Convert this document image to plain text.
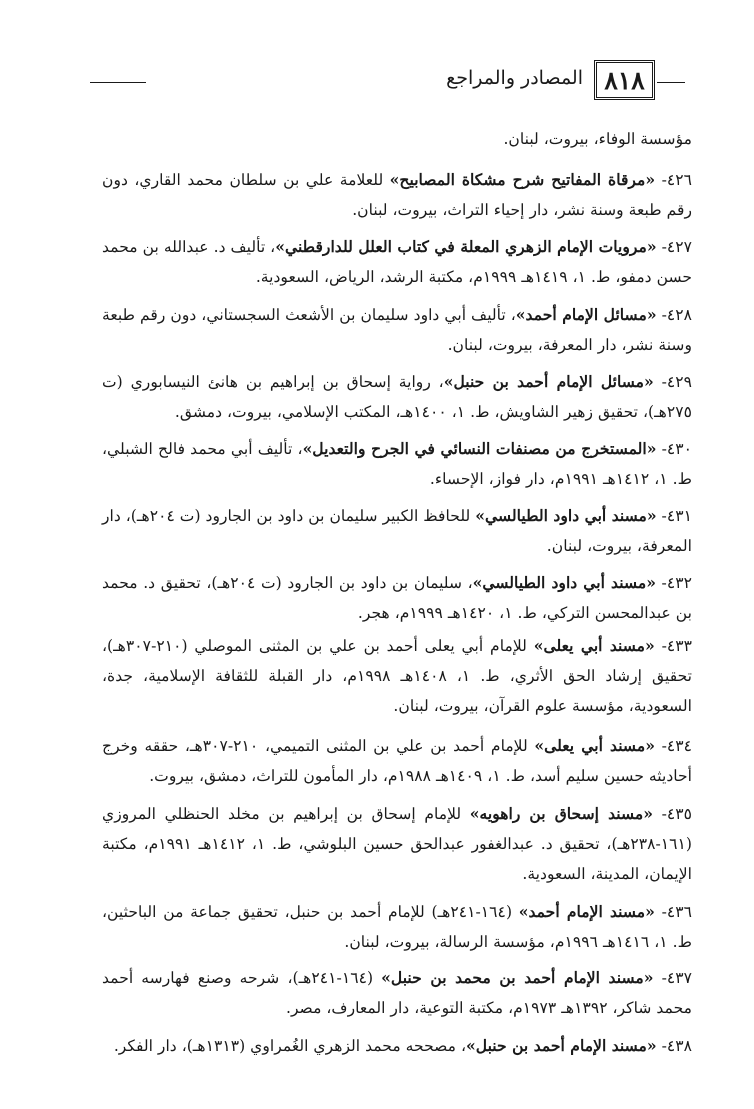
٨١٨
المصادر والمراجع
مؤسسة الوفاء، بيروت، لبنان.
٤٢٦- «مرقاة المفاتيح شرح مشكاة المصابيح» للعلامة علي بن سلطان محمد القاري، دون رقم طبعة وسنة نشر، دار إحياء التراث، بيروت، لبنان.
٤٢٧- «مرويات الإمام الزهري المعلة في كتاب العلل للدارقطني»، تأليف د. عبدالله بن محمد حسن دمفو، ط. ١، ١٤١٩هـ ١٩٩٩م، مكتبة الرشد، الرياض، السعودية.
٤٢٨- «مسائل الإمام أحمد»، تأليف أبي داود سليمان بن الأشعث السجستاني، دون رقم طبعة وسنة نشر، دار المعرفة، بيروت، لبنان.
٤٢٩- «مسائل الإمام أحمد بن حنبل»، رواية إسحاق بن إبراهيم بن هانئ النيسابوري (ت ٢٧٥هـ)، تحقيق زهير الشاويش، ط. ١، ١٤٠٠هـ، المكتب الإسلامي، بيروت، دمشق.
٤٣٠- «المستخرج من مصنفات النسائي في الجرح والتعديل»، تأليف أبي محمد فالح الشبلي، ط. ١، ١٤١٢هـ ١٩٩١م، دار فواز، الإحساء.
٤٣١- «مسند أبي داود الطيالسي» للحافظ الكبير سليمان بن داود بن الجارود (ت ٢٠٤هـ)، دار المعرفة، بيروت، لبنان.
٤٣٢- «مسند أبي داود الطيالسي»، سليمان بن داود بن الجارود (ت ٢٠٤هـ)، تحقيق د. محمد بن عبدالمحسن التركي، ط. ١، ١٤٢٠هـ ١٩٩٩م، هجر.
٤٣٣- «مسند أبي يعلى» للإمام أبي يعلى أحمد بن علي بن المثنى الموصلي (٢١٠-٣٠٧هـ)، تحقيق إرشاد الحق الأثري، ط. ١، ١٤٠٨هـ ١٩٩٨م، دار القبلة للثقافة الإسلامية، جدة، السعودية، مؤسسة علوم القرآن، بيروت، لبنان.
٤٣٤- «مسند أبي يعلى» للإمام أحمد بن علي بن المثنى التميمي، ٢١٠-٣٠٧هـ، حققه وخرج أحاديثه حسين سليم أسد، ط. ١، ١٤٠٩هـ ١٩٨٨م، دار المأمون للتراث، دمشق، بيروت.
٤٣٥- «مسند إسحاق بن راهويه» للإمام إسحاق بن إبراهيم بن مخلد الحنظلي المروزي (١٦١-٢٣٨هـ)، تحقيق د. عبدالغفور عبدالحق حسين البلوشي، ط. ١، ١٤١٢هـ ١٩٩١م، مكتبة الإيمان، المدينة، السعودية.
٤٣٦- «مسند الإمام أحمد» (١٦٤-٢٤١هـ) للإمام أحمد بن حنبل، تحقيق جماعة من الباحثين، ط. ١، ١٤١٦هـ ١٩٩٦م، مؤسسة الرسالة، بيروت، لبنان.
٤٣٧- «مسند الإمام أحمد بن محمد بن حنبل» (١٦٤-٢٤١هـ)، شرحه وصنع فهارسه أحمد محمد شاكر، ١٣٩٢هـ ١٩٧٣م، مكتبة التوعية، دار المعارف، مصر.
٤٣٨- «مسند الإمام أحمد بن حنبل»، مصححه محمد الزهري الغُمراوي (١٣١٣هـ)، دار الفكر.
